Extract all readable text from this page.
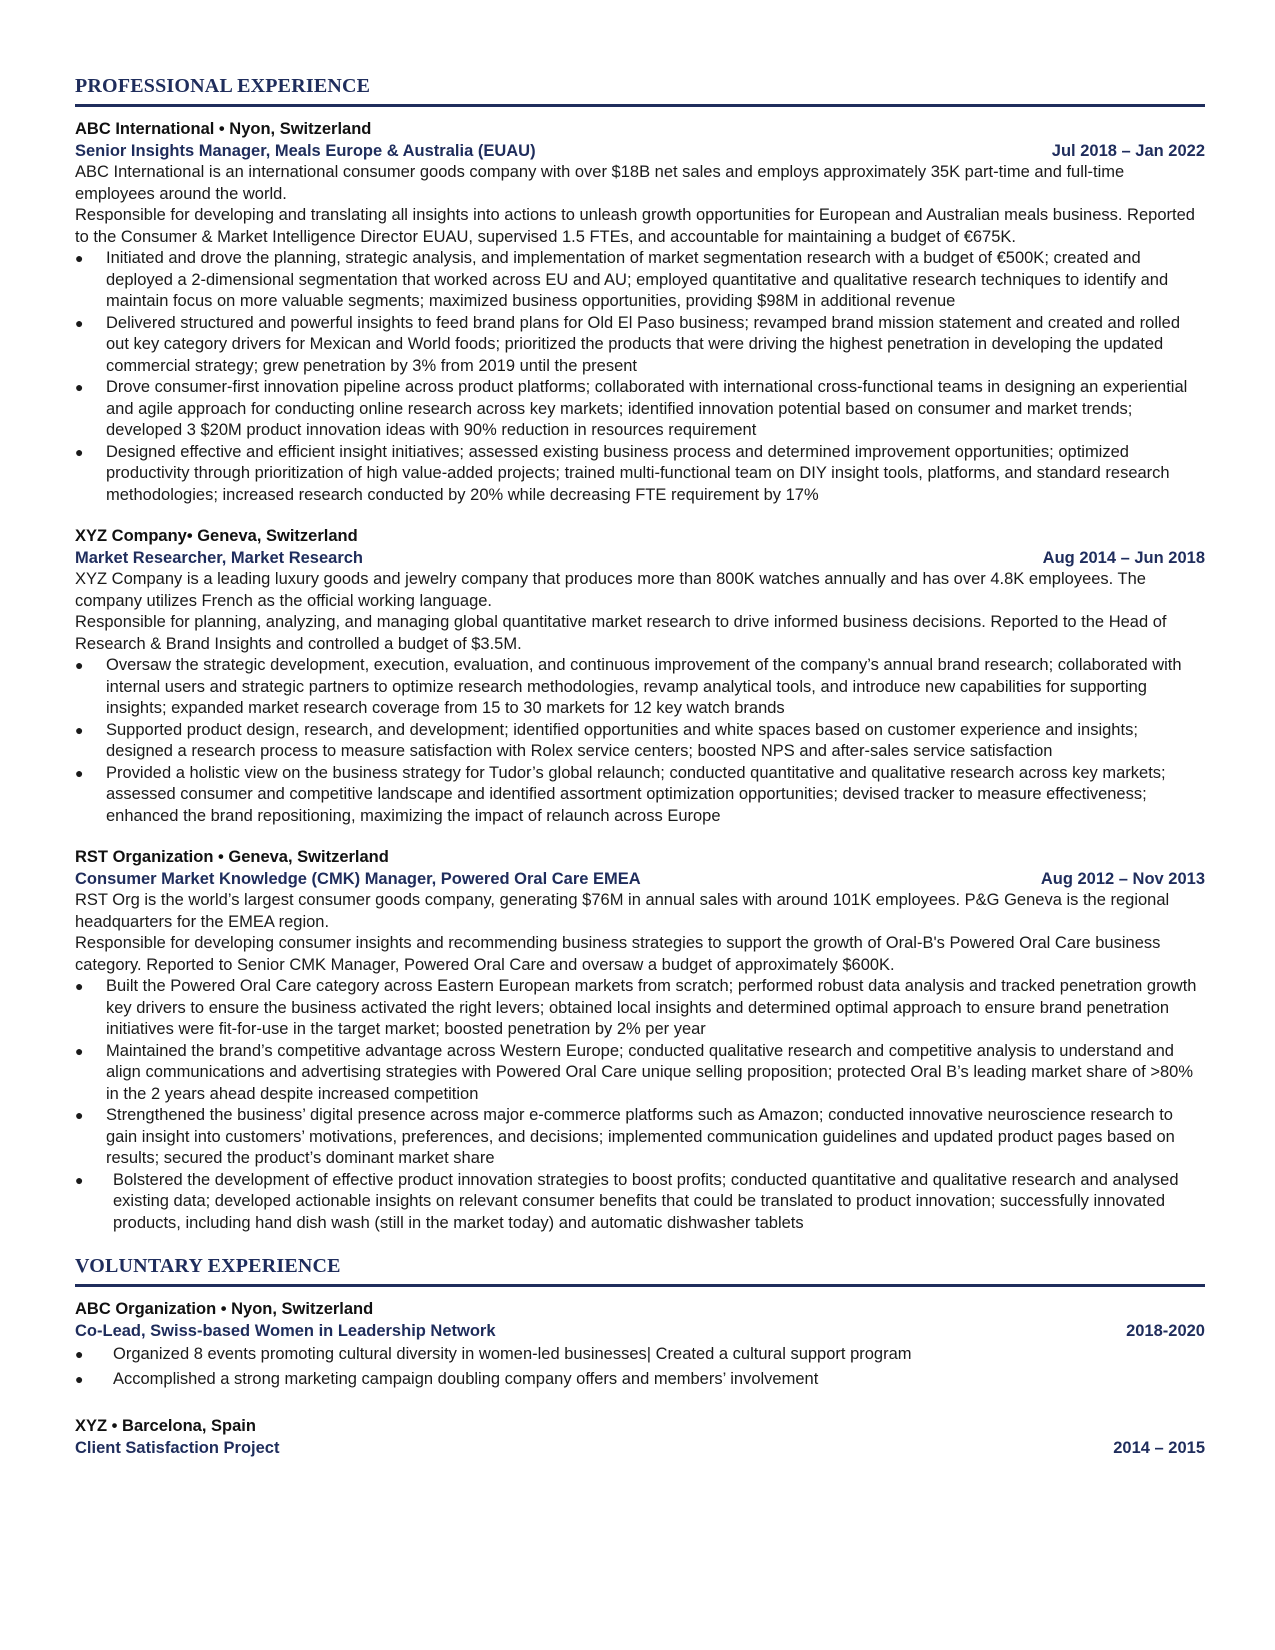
PROFESSIONAL EXPERIENCE
ABC International • Nyon, Switzerland
Senior Insights Manager, Meals Europe & Australia (EUAU)	Jul 2018 – Jan 2022

ABC International is an international consumer goods company with over $18B net sales and employs approximately 35K part-time and full-time employees around the world.

Responsible for developing and translating all insights into actions to unleash growth opportunities for European and Australian meals business. Reported to the Consumer & Market Intelligence Director EUAU, supervised 1.5 FTEs, and accountable for maintaining a budget of €675K.

●	Initiated and drove the planning, strategic analysis, and implementation of market segmentation research with a budget of €500K; created and deployed a 2-dimensional segmentation that worked across EU and AU; employed quantitative and qualitative research techniques to identify and maintain focus on more valuable segments; maximized business opportunities, providing $98M in additional revenue
●	Delivered structured and powerful insights to feed brand plans for Old El Paso business; revamped brand mission statement and created and rolled out key category drivers for Mexican and World foods; prioritized the products that were driving the highest penetration in developing the updated commercial strategy; grew penetration by 3% from 2019 until the present
●	Drove consumer-first innovation pipeline across product platforms; collaborated with international cross-functional teams in designing an experiential and agile approach for conducting online research across key markets; identified innovation potential based on consumer and market trends; developed 3 $20M product innovation ideas with 90% reduction in resources requirement
●	Designed effective and efficient insight initiatives; assessed existing business process and determined improvement opportunities; optimized productivity through prioritization of high value-added projects; trained multi-functional team on DIY insight tools, platforms, and standard research methodologies; increased research conducted by 20% while decreasing FTE requirement by 17%
XYZ Company• Geneva, Switzerland
Market Researcher, Market Research	Aug 2014 – Jun 2018

XYZ Company is a leading luxury goods and jewelry company that produces more than 800K watches annually and has over 4.8K employees. The company utilizes French as the official working language.

Responsible for planning, analyzing, and managing global quantitative market research to drive informed business decisions. Reported to the Head of Research & Brand Insights and controlled a budget of $3.5M.

●	Oversaw the strategic development, execution, evaluation, and continuous improvement of the company’s annual brand research; collaborated with internal users and strategic partners to optimize research methodologies, revamp analytical tools, and introduce new capabilities for supporting insights; expanded market research coverage from 15 to 30 markets for 12 key watch brands
●	Supported product design, research, and development; identified opportunities and white spaces based on customer experience and insights; designed a research process to measure satisfaction with Rolex service centers; boosted NPS and after-sales service satisfaction
●	Provided a holistic view on the business strategy for Tudor’s global relaunch; conducted quantitative and qualitative research across key markets; assessed consumer and competitive landscape and identified assortment optimization opportunities; devised tracker to measure effectiveness; enhanced the brand repositioning, maximizing the impact of relaunch across Europe
RST Organization • Geneva, Switzerland
Consumer Market Knowledge (CMK) Manager, Powered Oral Care EMEA	Aug 2012 – Nov 2013

RST Org is the world’s largest consumer goods company, generating $76M in annual sales with around 101K employees. P&G Geneva is the regional headquarters for the EMEA region.

Responsible for developing consumer insights and recommending business strategies to support the growth of Oral-B's Powered Oral Care business category. Reported to Senior CMK Manager, Powered Oral Care and oversaw a budget of approximately $600K.

●	Built the Powered Oral Care category across Eastern European markets from scratch; performed robust data analysis and tracked penetration growth key drivers to ensure the business activated the right levers; obtained local insights and determined optimal approach to ensure brand penetration initiatives were fit-for-use in the target market; boosted penetration by 2% per year
●	Maintained the brand’s competitive advantage across Western Europe; conducted qualitative research and competitive analysis to understand and align communications and advertising strategies with Powered Oral Care unique selling proposition; protected Oral B’s leading market share of >80% in the 2 years ahead despite increased competition
●	Strengthened the business’ digital presence across major e-commerce platforms such as Amazon; conducted innovative neuroscience research to gain insight into customers’ motivations, preferences, and decisions; implemented communication guidelines and updated product pages based on results; secured the product’s dominant market share
●	Bolstered the development of effective product innovation strategies to boost profits; conducted quantitative and qualitative research and analysed existing data; developed actionable insights on relevant consumer benefits that could be translated to product innovation; successfully innovated products, including hand dish wash (still in the market today) and automatic dishwasher tablets
VOLUNTARY EXPERIENCE
ABC Organization • Nyon, Switzerland
Co-Lead, Swiss-based Women in Leadership Network	2018-2020
●	Organized 8 events promoting cultural diversity in women-led businesses| Created a cultural support program
●	Accomplished a strong marketing campaign doubling company offers and members’ involvement
XYZ • Barcelona, Spain
Client Satisfaction Project	2014 – 2015
